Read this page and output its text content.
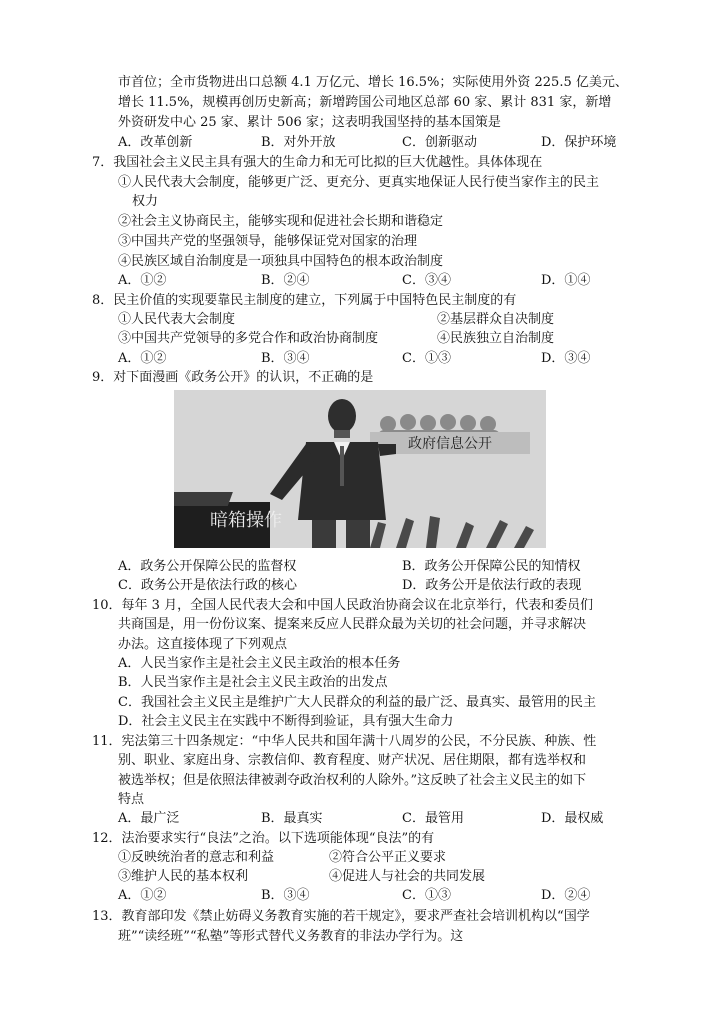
市首位；全市货物进出口总额 4.1 万亿元、增长 16.5%；实际使用外资 225.5 亿美元、
增长 11.5%，规模再创历史新高；新增跨国公司地区总部 60 家、累计 831 家，新增
外资研发中心 25 家、累计 506 家；这表明我国坚持的基本国策是
A．改革创新	B．对外开放	C．创新驱动	D．保护环境
7．我国社会主义民主具有强大的生命力和无可比拟的巨大优越性。具体体现在
①人民代表大会制度，能够更广泛、更充分、更真实地保证人民行使当家作主的民主
权力
②社会主义协商民主，能够实现和促进社会长期和谐稳定
③中国共产党的坚强领导，能够保证党对国家的治理
④民族区域自治制度是一项独具中国特色的根本政治制度
A．①②	B．②④	C．③④	D．①④
8．民主价值的实现要靠民主制度的建立，下列属于中国特色民主制度的有
①人民代表大会制度	②基层群众自决制度
③中国共产党领导的多党合作和政治协商制度	④民族独立自治制度
A．①②	B．③④	C．①③	D．③④
9．对下面漫画《政务公开》的认识，不正确的是
政府信息公开
暗箱操作
A．政务公开保障公民的监督权	B．政务公开保障公民的知情权
C．政务公开是依法行政的核心	D．政务公开是依法行政的表现
10．每年 3 月，全国人民代表大会和中国人民政治协商会议在北京举行，代表和委员们
共商国是，用一份份议案、提案来反应人民群众最为关切的社会问题，并寻求解决
办法。这直接体现了下列观点
A．人民当家作主是社会主义民主政治的根本任务
B．人民当家作主是社会主义民主政治的出发点
C．我国社会主义民主是维护广大人民群众的利益的最广泛、最真实、最管用的民主
D．社会主义民主在实践中不断得到验证，具有强大生命力
11．宪法第三十四条规定：“中华人民共和国年满十八周岁的公民，不分民族、种族、性
别、职业、家庭出身、宗教信仰、教育程度、财产状况、居住期限，都有选举权和
被选举权；但是依照法律被剥夺政治权利的人除外。”这反映了社会主义民主的如下
特点
A．最广泛	B．最真实	C．最管用	D．最权威
12．法治要求实行“良法”之治。以下选项能体现“良法”的有
①反映统治者的意志和利益	②符合公平正义要求
③维护人民的基本权利	④促进人与社会的共同发展
A．①②	B．③④	C．①③	D．②④
13．教育部印发《禁止妨碍义务教育实施的若干规定》，要求严查社会培训机构以“国学
班”“读经班”“私塾”等形式替代义务教育的非法办学行为。这
